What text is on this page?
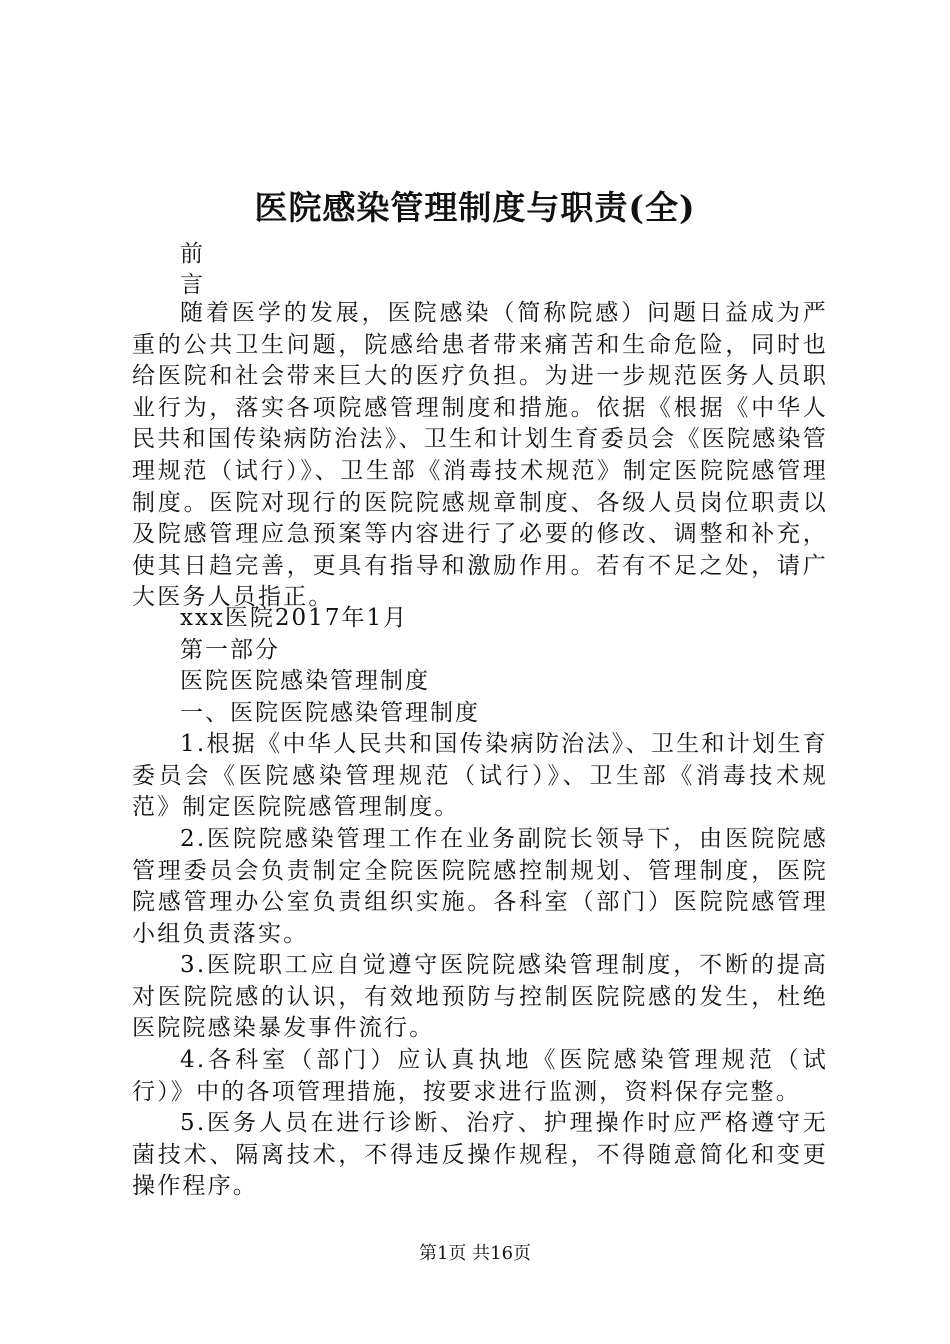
医院感染管理制度与职责(全)
前
言

随着医学的发展，医院感染（简称院感）问题日益成为严重的公共卫生问题，院感给患者带来痛苦和生命危险，同时也给医院和社会带来巨大的医疗负担。为进一步规范医务人员职业行为，落实各项院感管理制度和措施。依据《根据《中华人民共和国传染病防治法》、卫生和计划生育委员会《医院感染管理规范（试行）》、卫生部《消毒技术规范》制定医院院感管理制度。医院对现行的医院院感规章制度、各级人员岗位职责以及院感管理应急预案等内容进行了必要的修改、调整和补充，使其日趋完善，更具有指导和激励作用。若有不足之处，请广大医务人员指正。

xxx医院2017年1月
第一部分
医院医院感染管理制度
一、医院医院感染管理制度

1.根据《中华人民共和国传染病防治法》、卫生和计划生育委员会《医院感染管理规范（试行）》、卫生部《消毒技术规范》制定医院院感管理制度。

2.医院院感染管理工作在业务副院长领导下，由医院院感管理委员会负责制定全院医院院感控制规划、管理制度，医院院感管理办公室负责组织实施。各科室（部门）医院院感管理小组负责落实。

3.医院职工应自觉遵守医院院感染管理制度，不断的提高对医院院感的认识，有效地预防与控制医院院感的发生，杜绝医院院感染暴发事件流行。

4.各科室（部门）应认真执地《医院感染管理规范（试行）》中的各项管理措施，按要求进行监测，资料保存完整。

5.医务人员在进行诊断、治疗、护理操作时应严格遵守无菌技术、隔离技术，不得违反操作规程，不得随意简化和变更操作程序。

第1页 共16页
